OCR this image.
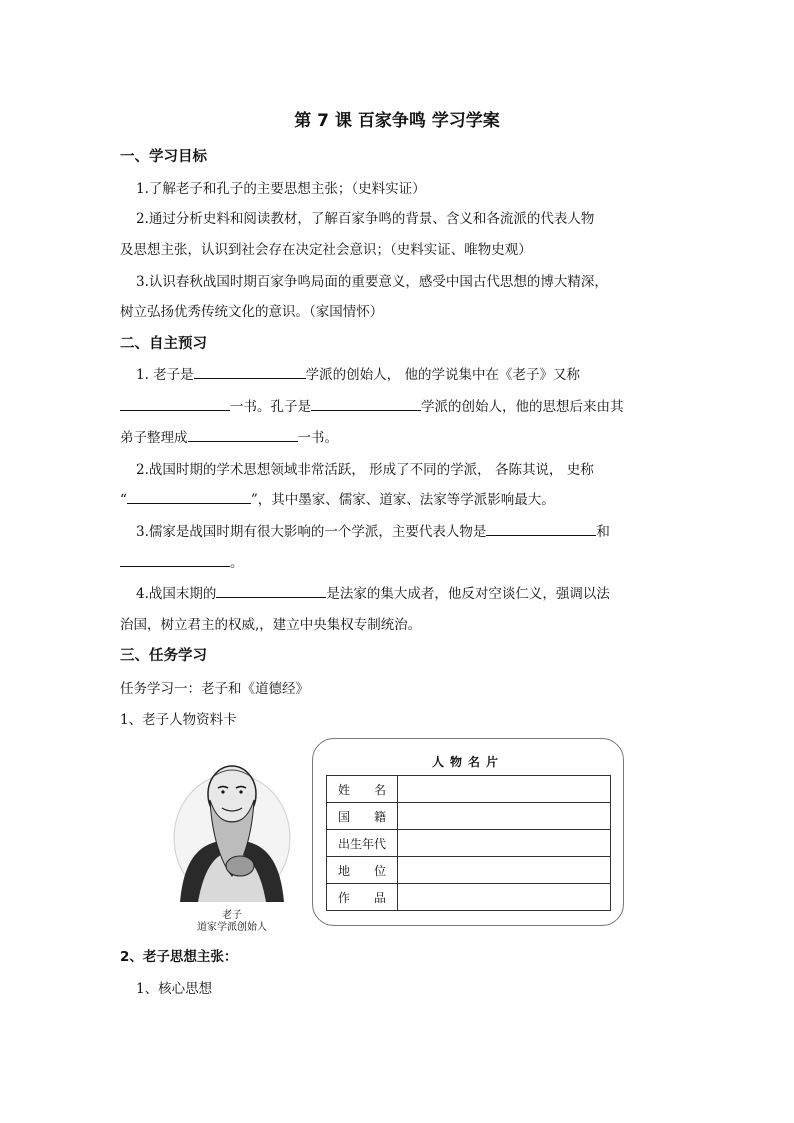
第 7 课 百家争鸣 学习学案
一、学习目标
1.了解老子和孔子的主要思想主张；（史料实证）
2.通过分析史料和阅读教材，了解百家争鸣的背景、含义和各流派的代表人物
及思想主张，认识到社会存在决定社会意识；（史料实证、唯物史观）
3.认识春秋战国时期百家争鸣局面的重要意义，感受中国古代思想的博大精深，
树立弘扬优秀传统文化的意识。（家国情怀）
二、自主预习
1. 老子是	学派的创始人， 他的学说集中在《老子》又称
一书。孔子是	学派的创始人，他的思想后来由其
弟子整理成	一书。
2.战国时期的学术思想领域非常活跃， 形成了不同的学派， 各陈其说， 史称
“	”，其中墨家、儒家、道家、法家等学派影响最大。
3.儒家是战国时期有很大影响的一个学派，主要代表人物是	和
。
4.战国末期的	是法家的集大成者，他反对空谈仁义，强调以法
治国，树立君主的权威,，建立中央集权专制统治。
三、任务学习
任务学习一：老子和《道德经》
1、老子人物资料卡
老子
道家学派创始人
人物名片
姓　　名	
国　　籍	
出生年代	
地　　位	
作　　品	
2、老子思想主张：
1、核心思想
